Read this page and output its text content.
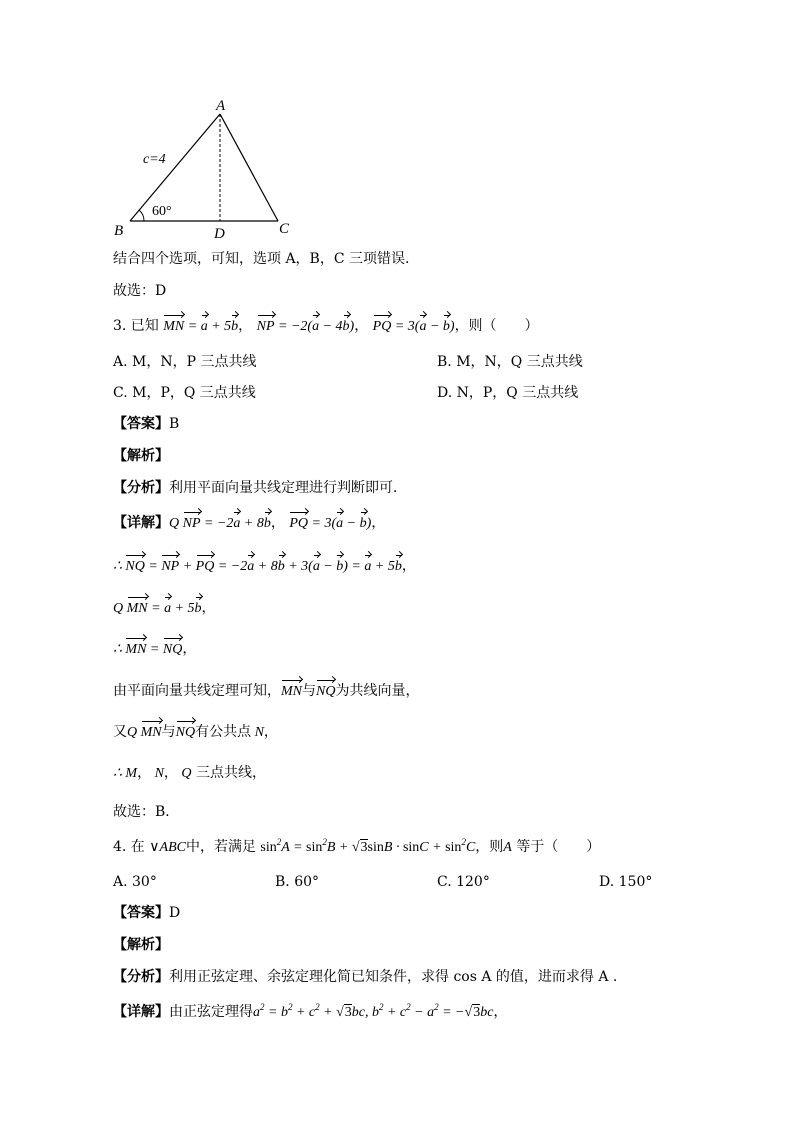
A
B	C
D
c=4
60°
结合四个选项，可知，选项 A，B，C 三项错误.
故选：D
3. 已知 MN = a + 5b， NP = −2(a − 4b)， PQ = 3(a − b)，则（　　）
A. M，N，P 三点共线	B. M，N，Q 三点共线
C. M，P，Q 三点共线	D. N，P，Q 三点共线
【答案】B
【解析】
【分析】利用平面向量共线定理进行判断即可．
【详解】Q NP = −2a + 8b， PQ = 3(a − b)，
∴ NQ = NP + PQ = −2a + 8b + 3(a − b) = a + 5b，
Q MN = a + 5b，
∴ MN = NQ，
由平面向量共线定理可知，MN与NQ为共线向量，
又Q MN与NQ有公共点 N，
∴ M， N， Q 三点共线，
故选：B．
4. 在 ∨ABC中，若满足 $\sin^2A = \sin^2B + √3\sin B \cdot \sin C + \sin^2C$，则A 等于（　　）
A. 30°	B. 60°	C. 120°	D. 150°
【答案】D
【解析】
【分析】利用正弦定理、余弦定理化简已知条件，求得 cos A 的值，进而求得 A .
【详解】由正弦定理得$a^2 = b^2 + c^2 + √3bc$, $b^2 + c^2 - a^2 = -√3bc$，
